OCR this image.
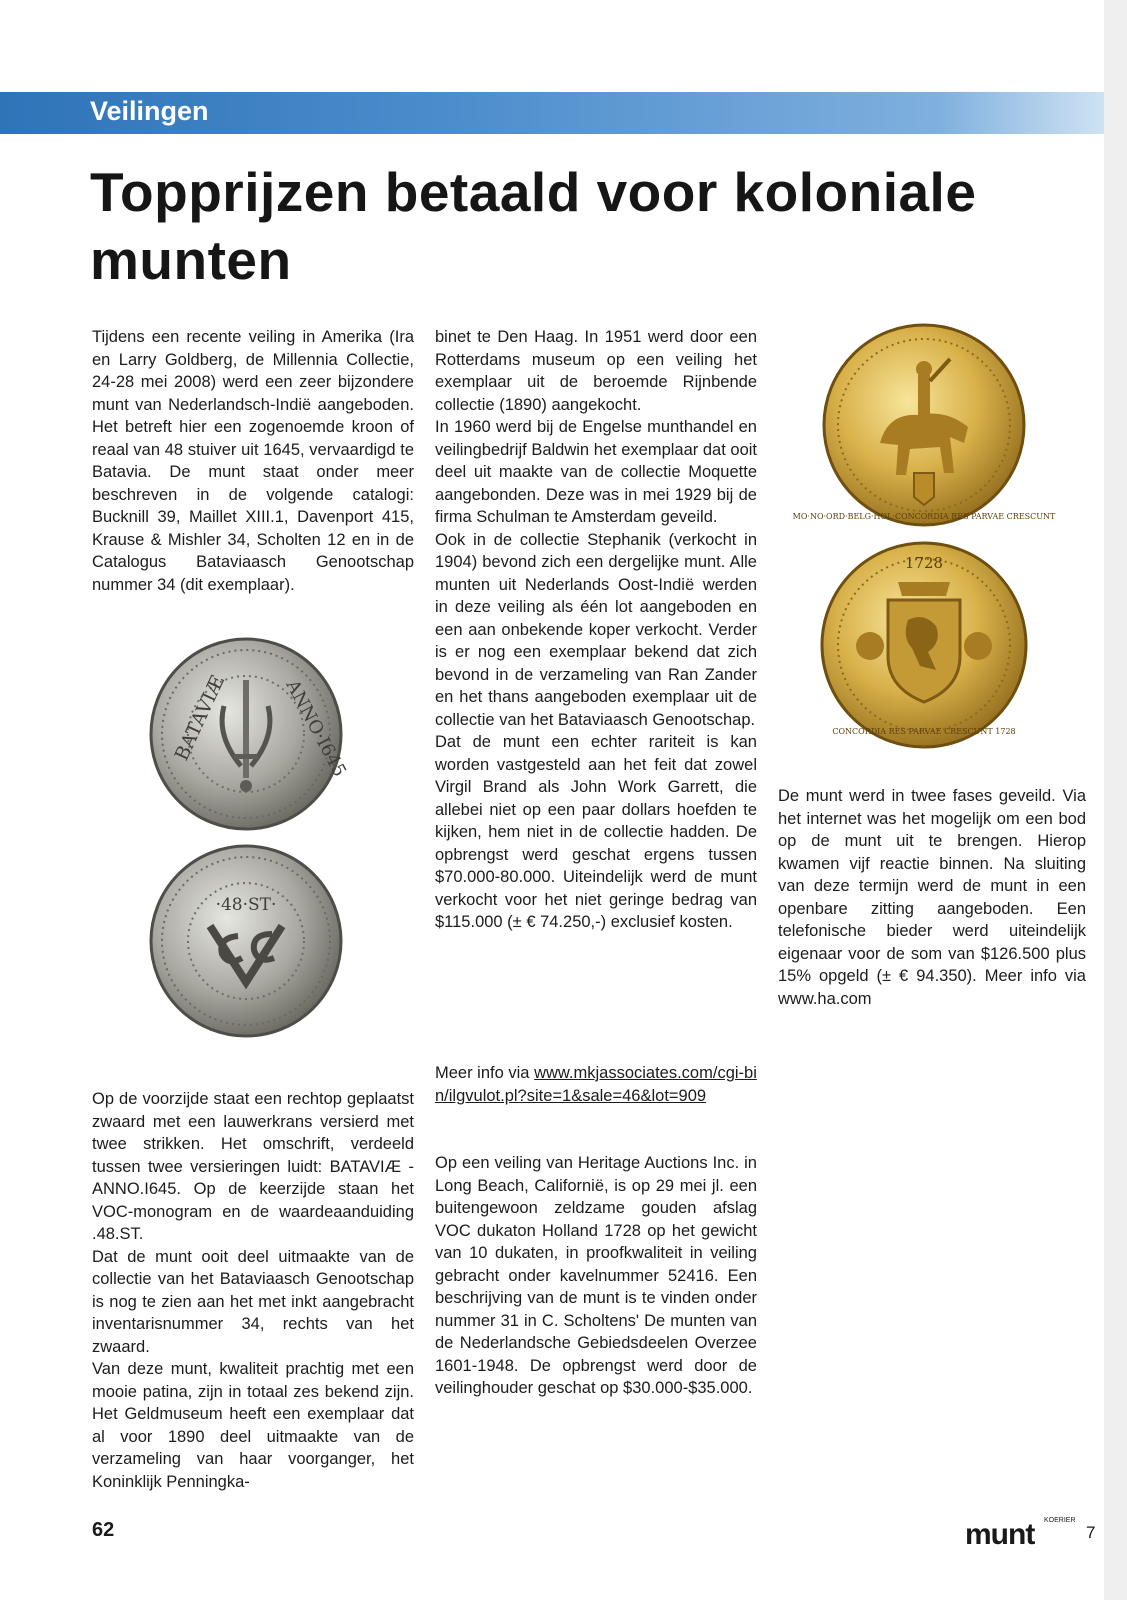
Veilingen
Topprijzen betaald voor koloniale munten

Tijdens een recente veiling in Amerika (Ira en Larry Goldberg, de Millennia Collectie, 24-28 mei 2008) werd een zeer bijzondere munt van Nederlandsch-Indië aangeboden. Het betreft hier een zogenoemde kroon of reaal van 48 stuiver uit 1645, vervaardigd te Batavia. De munt staat onder meer beschreven in de volgende catalogi: Bucknill 39, Maillet XIII.1, Davenport 415, Krause & Mishler 34, Scholten 12 en in de Catalogus Bataviaasch Genootschap nummer 34 (dit exemplaar).

BATAVIÆ	ANNO·I645
·48·ST·

Op de voorzijde staat een rechtop geplaatst zwaard met een lauwerkrans versierd met twee strikken. Het omschrift, verdeeld tussen twee versieringen luidt: BATAVIÆ - ANNO.I645. Op de keerzijde staan het VOC-monogram en de waardeaanduiding .48.ST.

Dat de munt ooit deel uitmaakte van de collectie van het Bataviaasch Genootschap is nog te zien aan het met inkt aangebracht inventarisnummer 34, rechts van het zwaard.

Van deze munt, kwaliteit prachtig met een mooie patina, zijn in totaal zes bekend zijn. Het Geldmuseum heeft een exemplaar dat al voor 1890 deel uitmaakte van de verzameling van haar voorganger, het Koninklijk Penningka-

binet te Den Haag. In 1951 werd door een Rotterdams museum op een veiling het exemplaar uit de beroemde Rijnbende collectie (1890) aangekocht.

In 1960 werd bij de Engelse munthandel en veilingbedrijf Baldwin het exemplaar dat ooit deel uit maakte van de collectie Moquette aangebonden. Deze was in mei 1929 bij de firma Schulman te Amsterdam geveild.

Ook in de collectie Stephanik (verkocht in 1904) bevond zich een dergelijke munt. Alle munten uit Nederlands Oost-Indië werden in deze veiling als één lot aangeboden en een aan onbekende koper verkocht. Verder is er nog een exemplaar bekend dat zich bevond in de verzameling van Ran Zander en het thans aangeboden exemplaar uit de collectie van het Bataviaasch Genootschap.

Dat de munt een echter rariteit is kan worden vastgesteld aan het feit dat zowel Virgil Brand als John Work Garrett, die allebei niet op een paar dollars hoefden te kijken, hem niet in de collectie hadden. De opbrengst werd geschat ergens tussen $70.000-80.000. Uiteindelijk werd de munt verkocht voor het niet geringe bedrag van $115.000 (± € 74.250,-) exclusief kosten.

Meer info via www.mkjassociates.com/cgi-bin/ilgvulot.pl?site=1&sale=46&lot=909

Op een veiling van Heritage Auctions Inc. in Long Beach, Californië, is op 29 mei jl. een buitengewoon zeldzame gouden afslag VOC dukaton Holland 1728 op het gewicht van 10 dukaten, in proofkwaliteit in veiling gebracht onder kavelnummer 52416. Een beschrijving van de munt is te vinden onder nummer 31 in C. Scholtens' De munten van de Nederlandsche Gebiedsdeelen Overzee 1601-1948. De opbrengst werd door de veilinghouder geschat op $30.000-$35.000.

MO·NO·ORD·BELG·HOL·CONCORDIA RES PARVAE CRESCUNT
1728
CONCORDIA RES PARVAE CRESCUNT 1728

De munt werd in twee fases geveild. Via het internet was het mogelijk om een bod op de munt uit te brengen. Hierop kwamen vijf reactie binnen. Na sluiting van deze termijn werd de munt in een openbare zitting aangeboden. Een telefonische bieder werd uiteindelijk eigenaar voor de som van $126.500 plus 15% opgeld (± € 94.350). Meer info via www.ha.com

62	munt KOERIER
7
